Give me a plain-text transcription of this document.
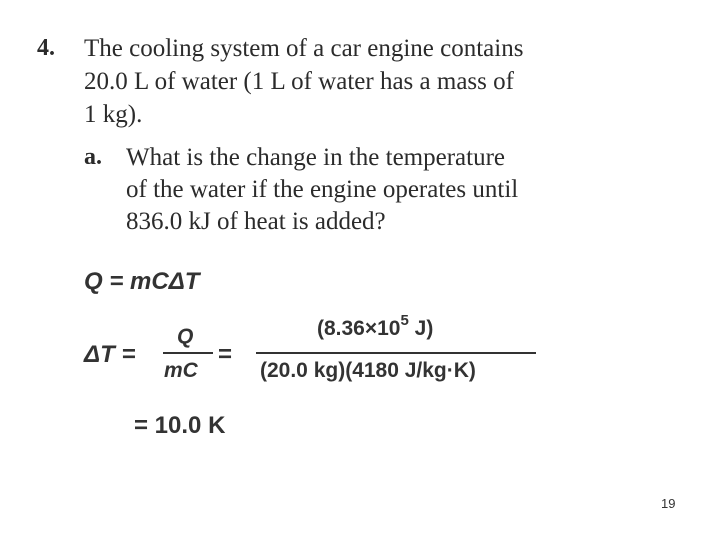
4. The cooling system of a car engine contains
20.0 L of water (1 L of water has a mass of
1 kg).
a. What is the change in the temperature
of the water if the engine operates until
836.0 kJ of heat is added?
Q = mCΔT
ΔT =
Q
mC
=
($8.36\times 10^5$ J)
(20.0 kg)(4180 J/kg·K)
= 10.0 K
19
